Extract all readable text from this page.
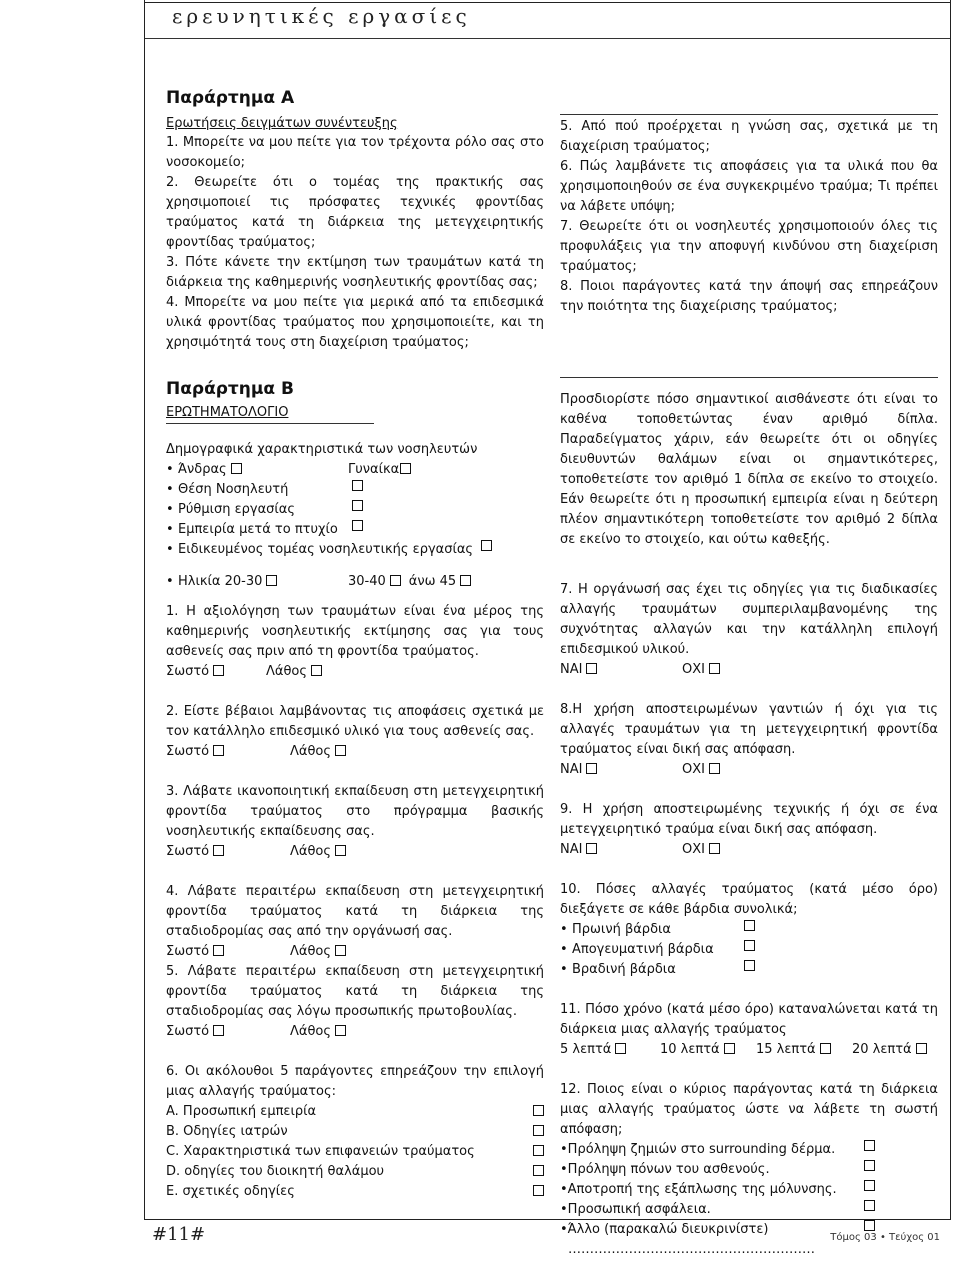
ερευνητικές εργασίες
Παράρτημα Α

Ερωτήσεις δειγμάτων συνέντευξης

1. Μπορείτε να μου πείτε για τον τρέχοντα ρόλο σας στο νοσοκομείο;

2. Θεωρείτε ότι ο τομέας της πρακτικής σας χρησιμοποιεί τις πρόσφατες τεχνικές φροντίδας τραύματος κατά τη διάρκεια της μετεγχειρητικής φροντίδας τραύματος;

3. Πότε κάνετε την εκτίμηση των τραυμάτων κατά τη διάρκεια της καθημερινής νοσηλευτικής φροντίδας σας;

4. Μπορείτε να μου πείτε για μερικά από τα επιδεσμικά υλικά φροντίδας τραύματος που χρησιμοποιείτε, και τη χρησιμότητά τους στη διαχείριση τραύματος;

Παράρτημα Β

ΕΡΩΤΗΜΑΤΟΛΟΓΙΟ

Δημογραφικά χαρακτηριστικά των νοσηλευτών

• Άνδρας	Γυναίκα
• Θέση Νοσηλευτή
• Ρύθμιση εργασίας
• Εμπειρία μετά το πτυχίο
• Ειδικευμένος τομέας νοσηλευτικής εργασίας
• Ηλικία 20-30	30-40	άνω 45

1. Η αξιολόγηση των τραυμάτων είναι ένα μέρος της καθημερινής νοσηλευτικής εκτίμησης σας για τους ασθενείς σας πριν από τη φροντίδα τραύματος.

Σωστό	Λάθος

2. Είστε βέβαιοι λαμβάνοντας τις αποφάσεις σχετικά με τον κατάλληλο επιδεσμικό υλικό για τους ασθενείς σας.

Σωστό	Λάθος

3. Λάβατε ικανοποιητική εκπαίδευση στη μετεγχειρητική φροντίδα τραύματος στο πρόγραμμα βασικής νοσηλευτικής εκπαίδευσης σας.

Σωστό	Λάθος

4. Λάβατε περαιτέρω εκπαίδευση στη μετεγχειρητική φροντίδα τραύματος κατά τη διάρκεια της σταδιοδρομίας σας από την οργάνωσή σας.

Σωστό	Λάθος

5. Λάβατε περαιτέρω εκπαίδευση στη μετεγχειρητική φροντίδα τραύματος κατά τη διάρκεια της σταδιοδρομίας σας λόγω προσωπικής πρωτοβουλίας.

Σωστό	Λάθος

6. Οι ακόλουθοι 5 παράγοντες επηρεάζουν την επιλογή μιας αλλαγής τραύματος:

A. Προσωπική εμπειρία
B. Οδηγίες ιατρών
C. Χαρακτηριστικά των επιφανειών τραύματος
D. οδηγίες του διοικητή θαλάμου
E. σχετικές οδηγίες

5. Από πού προέρχεται η γνώση σας, σχετικά με τη διαχείριση τραύματος;

6. Πώς λαμβάνετε τις αποφάσεις για τα υλικά που θα χρησιμοποιηθούν σε ένα συγκεκριμένο τραύμα; Τι πρέπει να λάβετε υπόψη;

7. Θεωρείτε ότι οι νοσηλευτές χρησιμοποιούν όλες τις προφυλάξεις για την αποφυγή κινδύνου στη διαχείριση τραύματος;

8. Ποιοι παράγοντες κατά την άποψή σας επηρεάζουν την ποιότητα της διαχείρισης τραύματος;

Προσδιορίστε πόσο σημαντικοί αισθάνεστε ότι είναι το καθένα τοποθετώντας έναν αριθμό δίπλα. Παραδείγματος χάριν, εάν θεωρείτε ότι οι οδηγίες διευθυντών θαλάμων είναι οι σημαντικότερες, τοποθετείστε τον αριθμό 1 δίπλα σε εκείνο το στοιχείο. Εάν θεωρείτε ότι η προσωπική εμπειρία είναι η δεύτερη πλέον σημαντικότερη τοποθετείστε τον αριθμό 2 δίπλα σε εκείνο το στοιχείο, και ούτω καθεξής.

7. Η οργάνωσή σας έχει τις οδηγίες για τις διαδικασίες αλλαγής τραυμάτων συμπεριλαμβανομένης της συχνότητας αλλαγών και την κατάλληλη επιλογή επιδεσμικού υλικού.

ΝΑΙ	ΟΧΙ

8.Η χρήση αποστειρωμένων γαντιών ή όχι για τις αλλαγές τραυμάτων για τη μετεγχειρητική φροντίδα τραύματος είναι δική σας απόφαση.

ΝΑΙ	ΟΧΙ

9. Η χρήση αποστειρωμένης τεχνικής ή όχι σε ένα μετεγχειρητικό τραύμα είναι δική σας απόφαση.

ΝΑΙ	ΟΧΙ

10. Πόσες αλλαγές τραύματος (κατά μέσο όρο) διεξάγετε σε κάθε βάρδια συνολικά;

• Πρωινή βάρδια
• Απογευματινή βάρδια
• Βραδινή βάρδια

11. Πόσο χρόνο (κατά μέσο όρο) καταναλώνεται κατά τη διάρκεια μιας αλλαγής τραύματος

5 λεπτά	10 λεπτά	15 λεπτά	20 λεπτά

12. Ποιος είναι ο κύριος παράγοντας κατά τη διάρκεια μιας αλλαγής τραύματος ώστε να λάβετε τη σωστή απόφαση;

•Πρόληψη ζημιών στο surrounding δέρμα.
•Πρόληψη πόνων του ασθενούς.
•Αποτροπή της εξάπλωσης της μόλυνσης.
•Προσωπική ασφάλεια.
•Άλλο (παρακαλώ διευκρινίστε)

…………………………………………………

#11#	Τόμος 03 • Τεύχος 01
